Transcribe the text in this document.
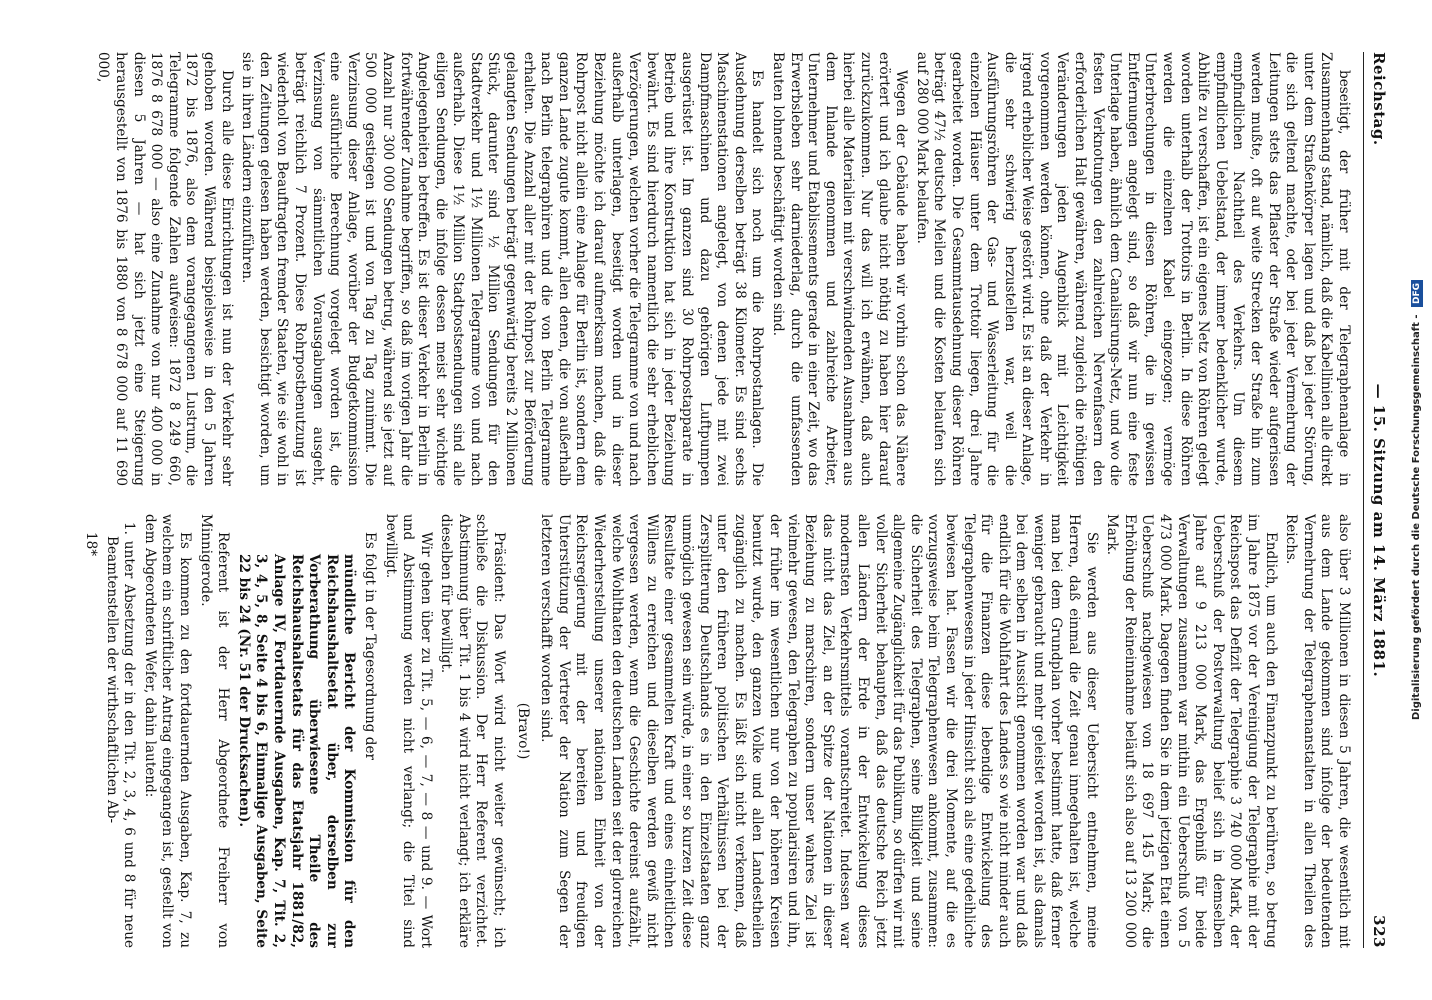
Reichstag.
— 15. Sitzung am 14. März 1881.
323

beseitigt, der früher mit der Telegraphenanlage in Zusammenhang stand, nämlich, daß die Kabellinien alle direkt unter dem Straßenkörper lagen und daß bei jeder Störung, die sich geltend machte, oder bei jeder Vermehrung der Leitungen stets das Pflaster der Straße wieder aufgerissen werden mußte, oft auf weite Strecken der Straße hin zum empfindlichen Nachtheil des Verkehrs. Um diesem empfindlichen Uebelstand, der immer bedenklicher wurde, Abhilfe zu verschaffen, ist ein eigenes Netz von Röhren gelegt worden unterhalb der Trottoirs in Berlin. In diese Röhren werden die einzelnen Kabel eingezogen; vermöge Unterbrechungen in diesen Röhren, die in gewissen Entfernungen angelegt sind, so daß wir nun eine feste Unterlage haben, ähnlich dem Canalisirungs-Netz, und wo die festen Verknotungen den zahlreichen Nervenfasern den erforderlichen Halt gewähren, während zugleich die nöthigen Veränderungen jeden Augenblick mit Leichtigkeit vorgenommen werden können, ohne daß der Verkehr in irgend erheblicher Weise gestört wird. Es ist an dieser Anlage, die sehr schwierig herzustellen war, weil die Ausführungsröhren der Gas- und Wasserleitung für die einzelnen Häuser unter dem Trottoir liegen, drei Jahre gearbeitet worden. Die Gesammtausdehnung dieser Röhren beträgt 47½ deutsche Meilen und die Kosten belaufen sich auf 280 000 Mark belaufen.

Wegen der Gebäude haben wir vorhin schon das Nähere erörtert und ich glaube nicht nöthig zu haben hier darauf zurückzukommen. Nur das will ich erwähnen, daß auch hierbei alle Materialien mit verschwindenden Ausnahmen aus dem Inlande genommen und zahlreiche Arbeiter, Unternehmer und Etablissements gerade in einer Zeit, wo das Erwerbsleben sehr darniederlag, durch die umfassenden Bauten lohnend beschäftigt worden sind.

Es handelt sich noch um die Rohrpostanlagen. Die Ausdehnung derselben beträgt 38 Kilometer. Es sind sechs Maschinenstationen angelegt, von denen jede mit zwei Dampfmaschinen und dazu gehörigen Luftpumpen ausgerüstet ist. Im ganzen sind 30 Rohrpostapparate in Betrieb und ihre Konstruktion hat sich in jeder Beziehung bewährt. Es sind hierdurch namentlich die sehr erheblichen Verzögerungen, welchen vorher die Telegramme von und nach außerhalb unterlagen, beseitigt worden und in dieser Beziehung möchte ich darauf aufmerksam machen, daß die Rohrpost nicht allein eine Anlage für Berlin ist, sondern dem ganzen Lande zugute kommt, allen denen, die von außerhalb nach Berlin telegraphiren und die von Berlin Telegramme erhalten. Die Anzahl aller mit der Rohrpost zur Beförderung gelangten Sendungen beträgt gegenwärtig bereits 2 Millionen Stück, darunter sind ½ Million Sendungen für den Stadtverkehr und 1½ Millionen Telegramme von und nach außerhalb. Diese 1½ Million Stadtpostsendungen sind alle eiligen Sendungen, die infolge dessen meist sehr wichtige Angelegenheiten betreffen. Es ist dieser Verkehr in Berlin in fortwährender Zunahme begriffen, so daß im vorigen Jahr die Anzahl nur 300 000 Sendungen betrug, während sie jetzt auf 500 000 gestiegen ist und von Tag zu Tag zunimmt. Die Verzinsung dieser Anlage, worüber der Budgetkommission eine ausführliche Berechnung vorgelegt worden ist, die Verzinsung von sämmtlichen Vorausgabungen ausgeht, beträgt reichlich 7 Prozent. Diese Rohrpostbenutzung ist wiederholt von Beauftragten fremder Staaten, wie sie wohl in den Zeitungen gelesen haben werden, besichtigt worden, um sie in ihren Ländern einzuführen.

Durch alle diese Einrichtungen ist nun der Verkehr sehr gehoben worden. Während beispielsweise in den 5 Jahren 1872 bis 1876, also dem vorangegangenen Lustrum, die Telegramme folgende Zahlen aufweisen: 1872 8 249 660, 1876 8 678 000 — also eine Zunahme von nur 400 000 in diesen 5 Jahren — hat sich jetzt eine Steigerung herausgestellt von 1876 bis 1880 von 8 678 000 auf 11 690 000,

also über 3 Millionen in diesen 5 Jahren, die wesentlich mit aus dem Lande gekommen sind infolge der bedeutenden Vermehrung der Telegraphenanstalten in allen Theilen des Reichs.

Endlich, um auch den Finanzpunkt zu berühren, so betrug im Jahre 1875 vor der Vereinigung der Telegraphie mit der Reichspost das Defizit der Telegraphie 3 740 000 Mark, der Ueberschuß der Postverwaltung belief sich in demselben Jahre auf 9 213 000 Mark, das Ergebniß für beide Verwaltungen zusammen war mithin ein Ueberschuß von 5 473 000 Mark. Dagegen finden Sie in dem jetzigen Etat einen Ueberschuß nachgewiesen von 18 697 145 Mark; die Erhöhung der Reineinnahme beläuft sich also auf 13 200 000 Mark.

Sie werden aus dieser Uebersicht entnehmen, meine Herren, daß einmal die Zeit genau innegehalten ist, welche man bei dem Grundplan vorher bestimmt hatte, daß ferner weniger gebraucht und mehr geleistet worden ist, als damals bei dem selben in Aussicht genommen worden war und daß endlich für die Wohlfahrt des Landes so wie nicht minder auch für die Finanzen diese lebendige Entwickelung des Telegraphenwesens in jeder Hinsicht sich als eine gedeihliche bewiesen hat. Fassen wir die drei Momente, auf die es vorzugsweise beim Telegraphenwesen ankommt, zusammen: die Sicherheit des Telegraphen, seine Billigkeit und seine allgemeine Zugänglichkeit für das Publikum, so dürfen wir mit voller Sicherheit behaupten, daß das deutsche Reich jetzt allen Ländern der Erde in der Entwickelung dieses modernsten Verkehrsmittels vorantschreitet. Indessen war das nicht das Ziel, an der Spitze der Nationen in dieser Beziehung zu marschiren, sondern unser wahres Ziel ist vielmehr gewesen, den Telegraphen zu popularisiren und ihn, der früher im wesentlichen nur von der höheren Kreisen benutzt wurde, den ganzen Volke und allen Landestheilen zugänglich zu machen. Es läßt sich nicht verkennen, daß unter den früheren politischen Verhältnissen bei der Zersplitterung Deutschlands es in den Einzelstaaten ganz unmöglich gewesen sein würde, in einer so kurzen Zeit diese Resultate einer gesammelten Kraft und eines einheitlichen Willens zu erreichen und dieselben werden gewiß nicht vergessen werden, wenn die Geschichte dereinst aufzählt, welche Wohlthaten den deutschen Landen seit der glorreichen Wiederherstellung unserer nationalen Einheit von der Reichsregierung mit der bereiten und freudigen Unterstützung der Vertreter der Nation zum Segen der letzteren verschafft worden sind.

(Bravo!)

Präsident: Das Wort wird nicht weiter gewünscht; ich schließe die Diskussion. Der Herr Referent verzichtet. Abstimmung über Tit. 1 bis 4 wird nicht verlangt; ich erkläre dieselben für bewilligt.

Wir gehen über zu Tit. 5, — 6, — 7, — 8 — und 9. — Wort und Abstimmung werden nicht verlangt; die Titel sind bewilligt.

Es folgt in der Tagesordnung der

mündliche Bericht der Kommission für den Reichshaushaltsetat über, derselben zur Vorberathung überwiesene Theile des Reichshaushaltsetats für das Etatsjahr 1881/82, Anlage IV, Fortdauernde Ausgaben, Kap. 7, Tit. 2, 3, 4, 5, 8, Seite 4 bis 6, Einmalige Ausgaben, Seite 22 bis 24 (Nr. 51 der Drucksachen).

Referent ist der Herr Abgeordnete Freiherr von Minnigerode.

Es kommen zu den fortdauernden Ausgaben, Kap. 7, zu welchem ein schriftlicher Antrag eingegangen ist, gestellt von dem Abgeordneten Wefer, dahin lautend:

1. unter Absetzung der in den Tit. 2, 3, 4, 6 und 8 für neue Beamtenstellen der wirthschaftlichen Ab-

18*	Digitalisierung gefördert durch die Deutsche Forschungsgemeinschaft - DFG
